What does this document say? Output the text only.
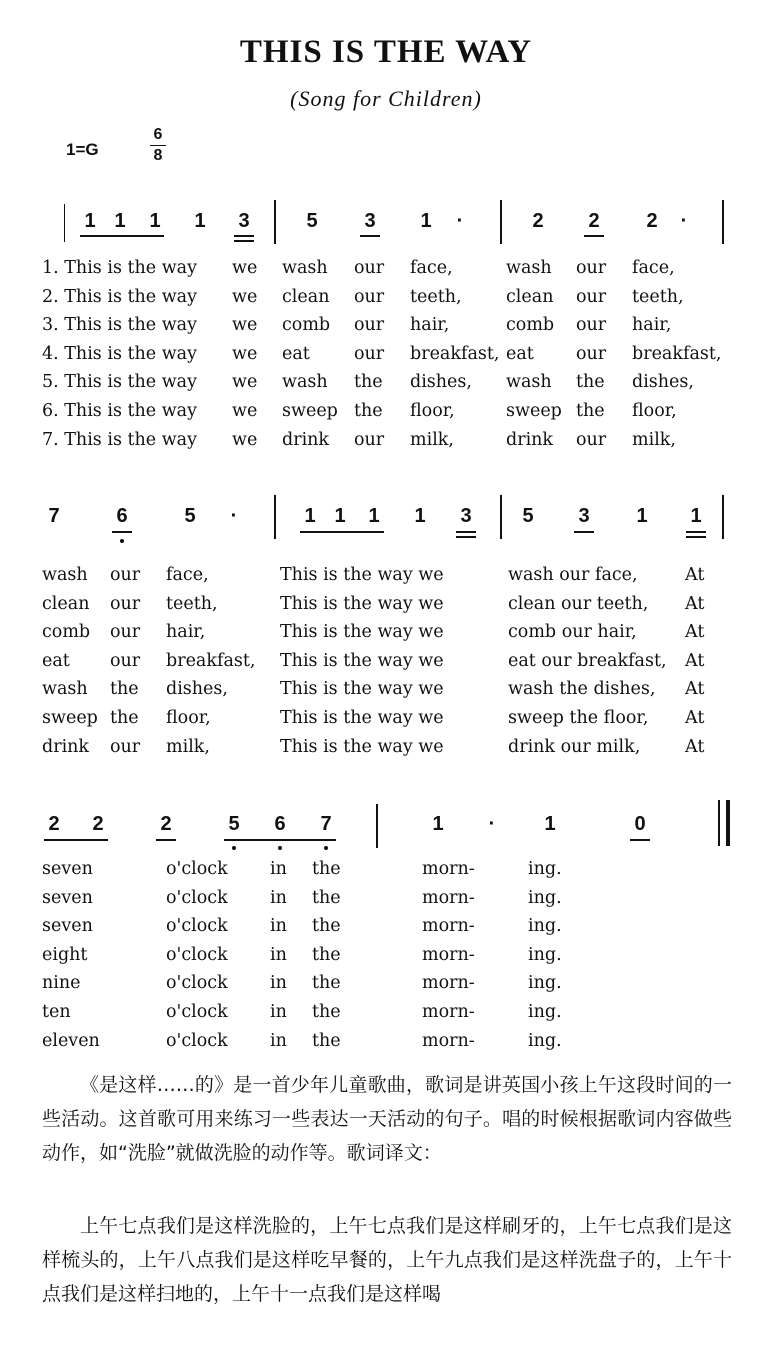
THIS IS THE WAY
(Song for Children)
1=G
6
8
1 1 1 1 3	5 3 1	·	2 2 2	·
1. This is the way we wash our face,	wash our face,
2. This is the way we clean our teeth,	clean our teeth,
3. This is the way we comb our hair,	comb our hair,
4. This is the way we eat	our breakfast, eat our breakfast,
5. This is the way we wash the dishes, wash the dishes,
6. This is the way we sweep the floor,	sweep the floor,
7. This is the way we drink our milk,	drink our milk,
7	6	5	·	1 1 1 1 3	5 3 1 1
wash our face,	This is the way we	wash our face,	At
clean our teeth,	This is the way we	clean our teeth, At
comb our hair,	This is the way we	comb our hair,	At
eat our breakfast, This is the way we	eat our breakfast, At
wash the dishes,	This is the way we	wash the dishes, At
sweep the floor,	This is the way we	sweep the floor, At
drink our milk,	This is the way we	drink our milk,	At
2 2	2	5 6 7	1	·	1	0
seven	o'clock in the	morn-	ing.
seven	o'clock in the	morn-	ing.
seven	o'clock in the	morn-	ing.
eight	o'clock in the	morn-	ing.
nine	o'clock in the	morn-	ing.
ten	o'clock in the	morn-	ing.
eleven	o'clock in the	morn-	ing.
《是这样……的》是一首少年儿童歌曲，歌词是讲英国小孩上午这段时间的一些活动。这首歌可用来练习一些表达一天活动的句子。唱的时候根据歌词内容做些动作，如“洗脸”就做洗脸的动作等。歌词译文：
上午七点我们是这样洗脸的，上午七点我们是这样刷牙的，上午七点我们是这样梳头的，上午八点我们是这样吃早餐的，上午九点我们是这样洗盘子的，上午十点我们是这样扫地的，上午十一点我们是这样喝
